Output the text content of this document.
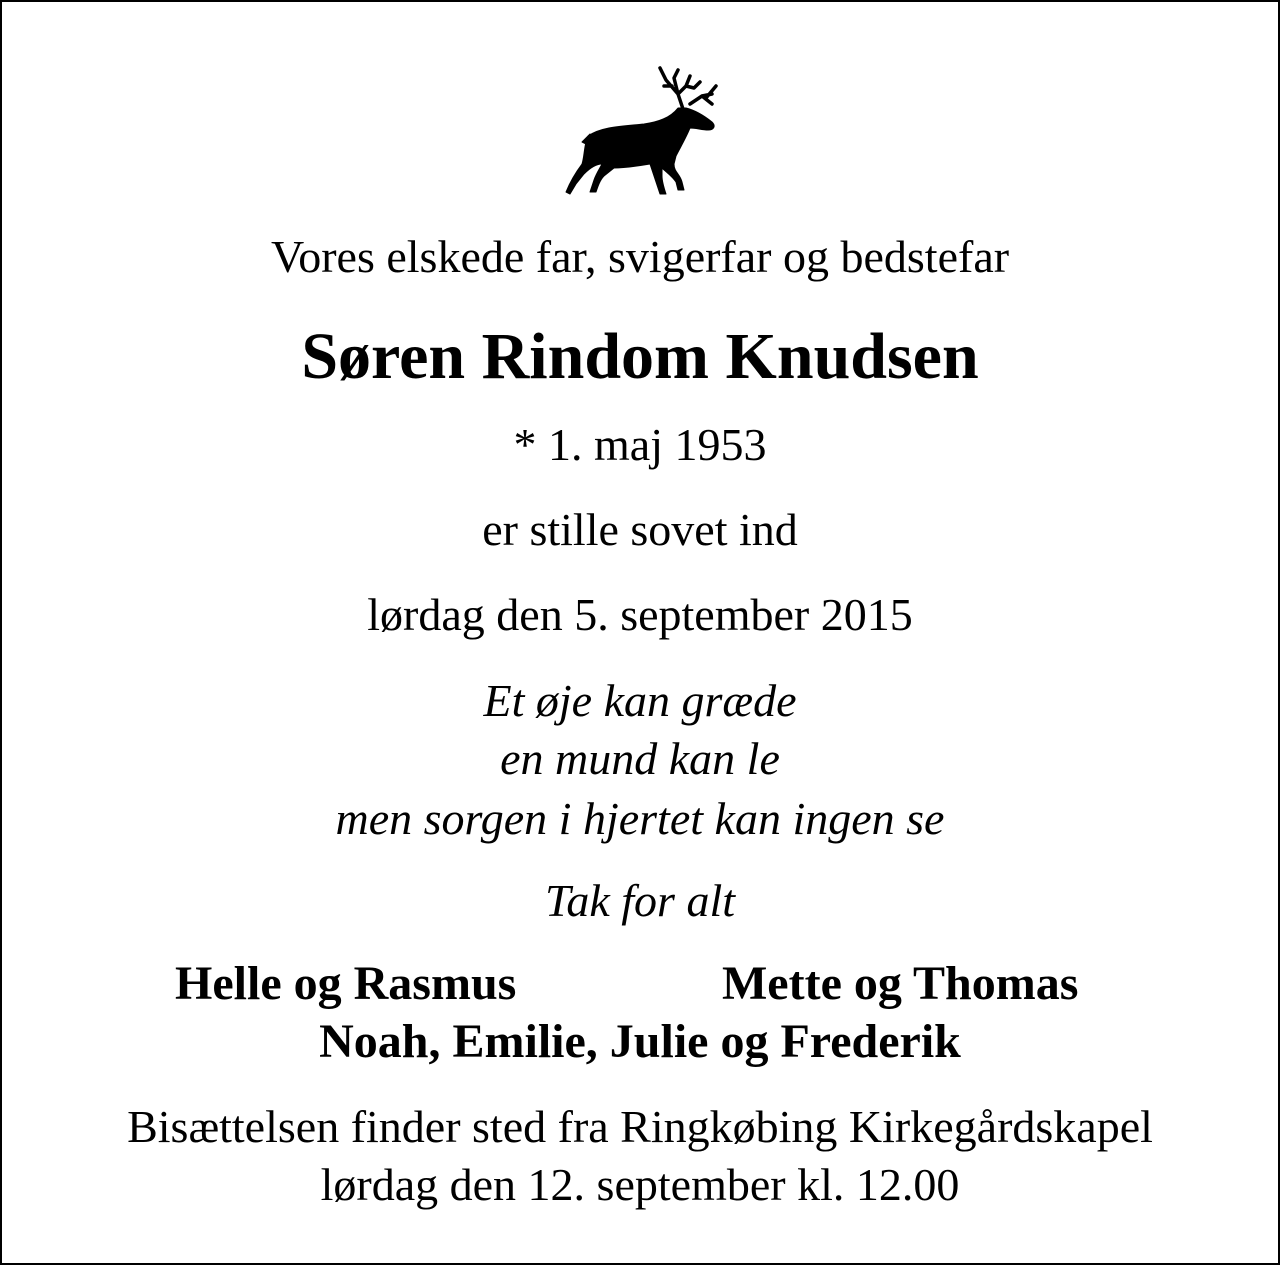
Vores elskede far, svigerfar og bedstefar
Søren Rindom Knudsen
* 1. maj 1953
er stille sovet ind
lørdag den 5. september 2015
Et øje kan græde
en mund kan le
men sorgen i hjertet kan ingen se
Tak for alt
Helle og Rasmus	Mette og Thomas
Noah, Emilie, Julie og Frederik
Bisættelsen finder sted fra Ringkøbing Kirkegårdskapel
lørdag den 12. september kl. 12.00
